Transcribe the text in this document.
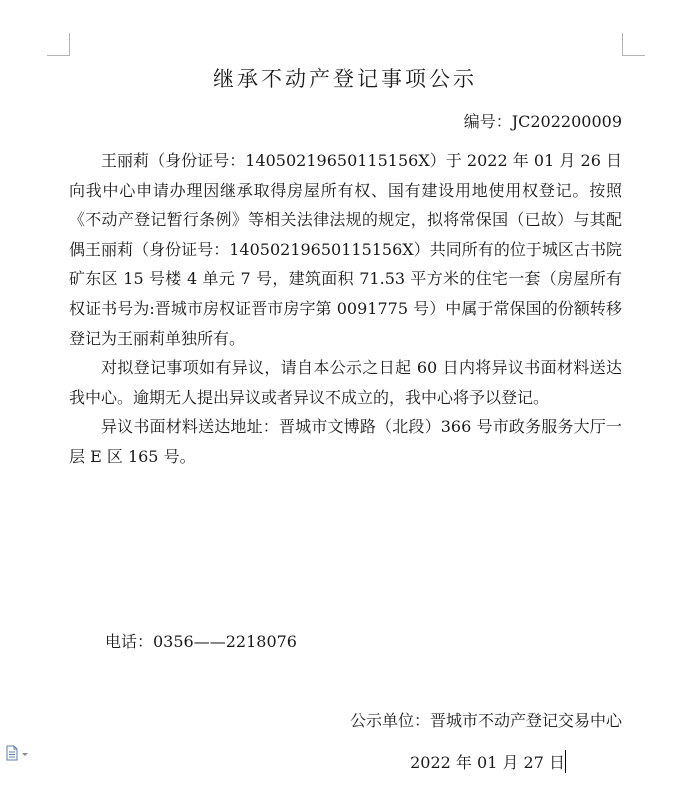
继承不动产登记事项公示
编号：JC202200009

王丽莉（身份证号：14050219650115156X）于 2022 年 01 月 26 日向我中心申请办理因继承取得房屋所有权、国有建设用地使用权登记。按照《不动产登记暂行条例》等相关法律法规的规定，拟将常保国（已故）与其配偶王丽莉（身份证号：14050219650115156X）共同所有的位于城区古书院矿东区 15 号楼 4 单元 7 号，建筑面积 71.53 平方米的住宅一套（房屋所有权证书号为:晋城市房权证晋市房字第 0091775 号）中属于常保国的份额转移登记为王丽莉单独所有。

对拟登记事项如有异议，请自本公示之日起 60 日内将异议书面材料送达我中心。逾期无人提出异议或者异议不成立的，我中心将予以登记。

异议书面材料送达地址：晋城市文博路（北段）366 号市政务服务大厅一层 E 区 165 号。

电话：0356——2218076
公示单位：晋城市不动产登记交易中心
2022 年 01 月 27 日
